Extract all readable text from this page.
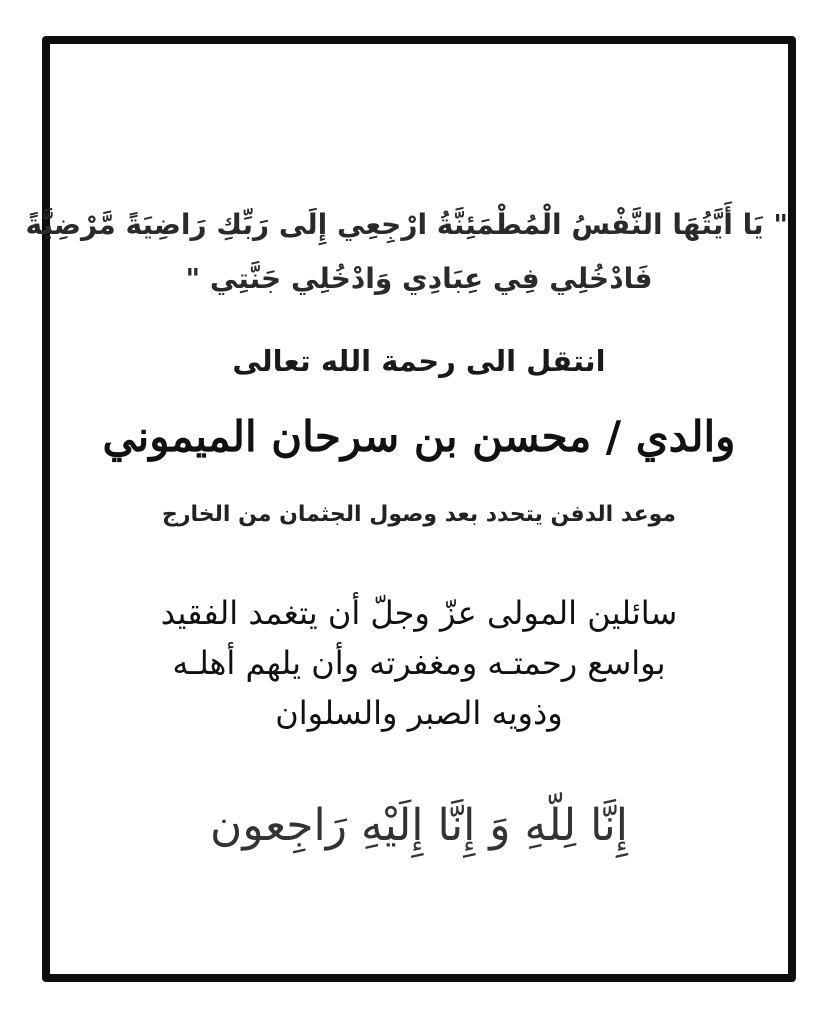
" يَا أَيَّتُهَا النَّفْسُ الْمُطْمَئِنَّةُ ارْجِعِي إِلَى رَبِّكِ رَاضِيَةً مَّرْضِيَّةً
فَادْخُلِي فِي عِبَادِي وَادْخُلِي جَنَّتِي "
انتقل الى رحمة الله تعالى
والدي / محسن بن سرحان الميموني
موعد الدفن يتحدد بعد وصول الجثمان من الخارج
سائلين المولى عزّ وجلّ أن يتغمد الفقيد
بواسع رحمتـه ومغفرته وأن يلهم أهلـه
وذويه الصبر والسلوان
إِنَّا لِلّهِ وَ إِنَّا إِلَيْهِ رَاجِعون
